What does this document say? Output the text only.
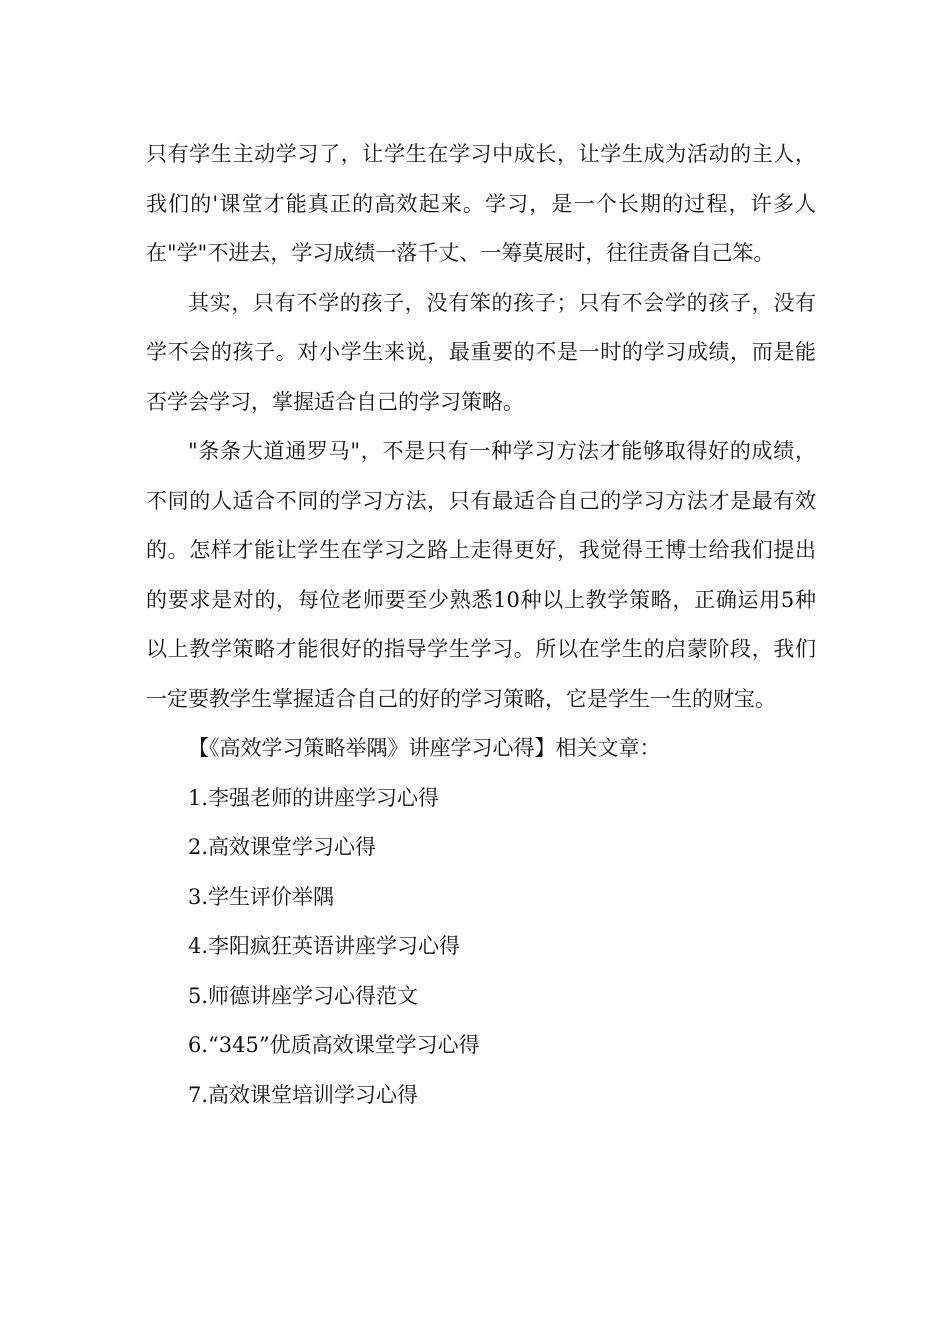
只有学生主动学习了，让学生在学习中成长，让学生成为活动的主人，我们的'课堂才能真正的高效起来。学习，是一个长期的过程，许多人在"学"不进去，学习成绩一落千丈、一筹莫展时，往往责备自己笨。

其实，只有不学的孩子，没有笨的孩子；只有不会学的孩子，没有学不会的孩子。对小学生来说，最重要的不是一时的学习成绩，而是能否学会学习，掌握适合自己的学习策略。

"条条大道通罗马"，不是只有一种学习方法才能够取得好的成绩，不同的人适合不同的学习方法，只有最适合自己的学习方法才是最有效的。怎样才能让学生在学习之路上走得更好，我觉得王博士给我们提出的要求是对的，每位老师要至少熟悉10种以上教学策略，正确运用5种以上教学策略才能很好的指导学生学习。所以在学生的启蒙阶段，我们一定要教学生掌握适合自己的好的学习策略，它是学生一生的财宝。

【《高效学习策略举隅》讲座学习心得】相关文章：

1.李强老师的讲座学习心得
2.高效课堂学习心得
3.学生评价举隅
4.李阳疯狂英语讲座学习心得
5.师德讲座学习心得范文
6.“345”优质高效课堂学习心得
7.高效课堂培训学习心得
